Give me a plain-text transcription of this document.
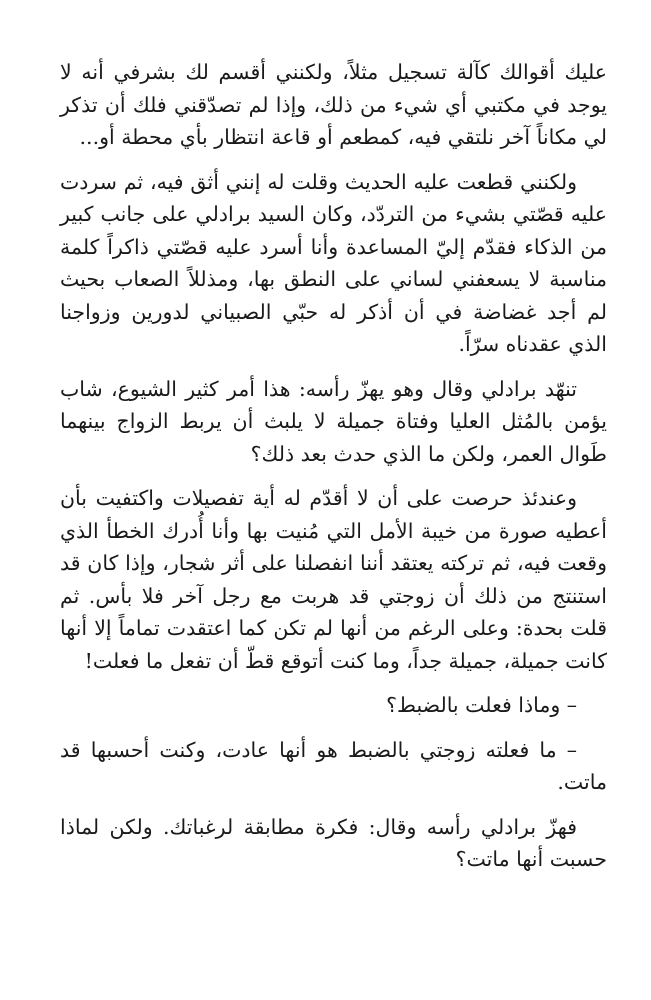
عليك أقوالك كآلة تسجيل مثلاً، ولكنني أقسم لك بشرفي أنه لا يوجد في مكتبي أي شيء من ذلك، وإذا لم تصدّقني فلك أن تذكر لي مكاناً آخر نلتقي فيه، كمطعم أو قاعة انتظار بأي محطة أو...

ولكنني قطعت عليه الحديث وقلت له إنني أثق فيه، ثم سردت عليه قصّتي بشيء من التردّد، وكان السيد برادلي على جانب كبير من الذكاء فقدّم إليّ المساعدة وأنا أسرد عليه قصّتي ذاكراً كلمة مناسبة لا يسعفني لساني على النطق بها، ومذللاً الصعاب بحيث لم أجد غضاضة في أن أذكر له حبّي الصبياني لدورين وزواجنا الذي عقدناه سرّاً.

تنهّد برادلي وقال وهو يهزّ رأسه: هذا أمر كثير الشيوع، شاب يؤمن بالمُثل العليا وفتاة جميلة لا يلبث أن يربط الزواج بينهما طَوال العمر، ولكن ما الذي حدث بعد ذلك؟

وعندئذ حرصت على أن لا أقدّم له أية تفصيلات واكتفيت بأن أعطيه صورة من خيبة الأمل التي مُنيت بها وأنا أُدرك الخطأ الذي وقعت فيه، ثم تركته يعتقد أننا انفصلنا على أثر شجار، وإذا كان قد استنتج من ذلك أن زوجتي قد هربت مع رجل آخر فلا بأس. ثم قلت بحدة: وعلى الرغم من أنها لم تكن كما اعتقدت تماماً إلا أنها كانت جميلة، جميلة جداً، وما كنت أتوقع قطّ أن تفعل ما فعلت!

– وماذا فعلت بالضبط؟

– ما فعلته زوجتي بالضبط هو أنها عادت، وكنت أحسبها قد ماتت.

فهزّ برادلي رأسه وقال: فكرة مطابقة لرغباتك. ولكن لماذا حسبت أنها ماتت؟
